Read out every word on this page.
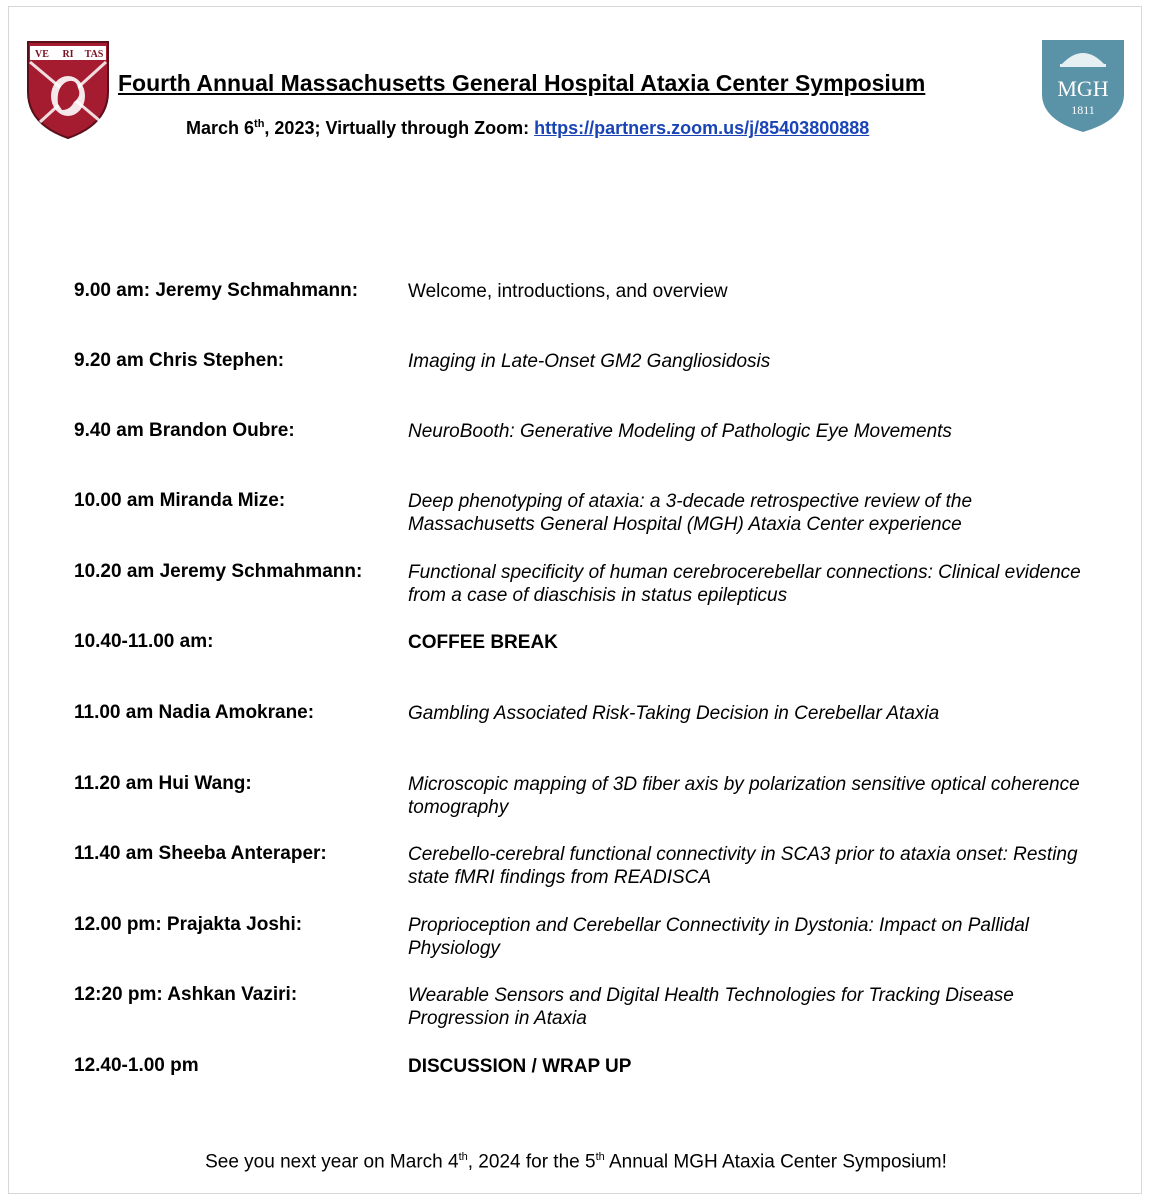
VE RI TAS
MGH
1811
Fourth Annual Massachusetts General Hospital Ataxia Center Symposium
March 6th, 2023; Virtually through Zoom: https://partners.zoom.us/j/85403800888
9.00 am: Jeremy Schmahmann:	Welcome, introductions, and overview
9.20 am Chris Stephen:	Imaging in Late-Onset GM2 Gangliosidosis
9.40 am Brandon Oubre:	NeuroBooth: Generative Modeling of Pathologic Eye Movements
10.00 am Miranda Mize:	Deep phenotyping of ataxia: a 3-decade retrospective review of the Massachusetts General Hospital (MGH) Ataxia Center experience
10.20 am Jeremy Schmahmann:	Functional specificity of human cerebrocerebellar connections: Clinical evidence from a case of diaschisis in status epilepticus
10.40-11.00 am:	COFFEE BREAK
11.00 am Nadia Amokrane:	Gambling Associated Risk-Taking Decision in Cerebellar Ataxia
11.20 am Hui Wang:	Microscopic mapping of 3D fiber axis by polarization sensitive optical coherence tomography
11.40 am Sheeba Anteraper:	Cerebello-cerebral functional connectivity in SCA3 prior to ataxia onset: Resting state fMRI findings from READISCA
12.00 pm: Prajakta Joshi:	Proprioception and Cerebellar Connectivity in Dystonia: Impact on Pallidal Physiology
12:20 pm: Ashkan Vaziri:	Wearable Sensors and Digital Health Technologies for Tracking Disease Progression in Ataxia
12.40-1.00 pm	DISCUSSION / WRAP UP
See you next year on March 4th, 2024 for the 5th Annual MGH Ataxia Center Symposium!
